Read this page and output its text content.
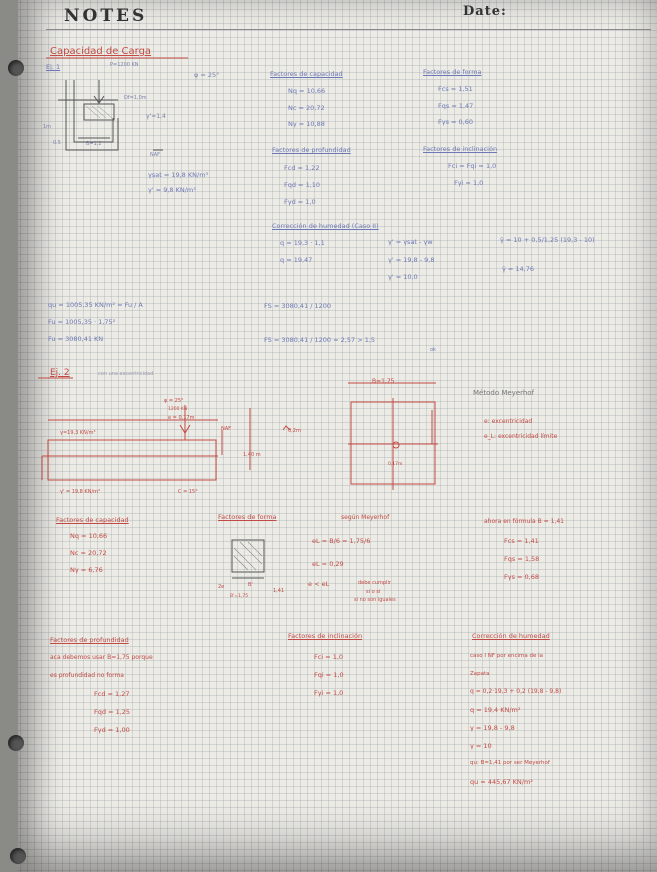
NOTES	Date:
Capacidad de Carga
Ej. 1	P=1200 KN
Df=1,0m
γ'=1,4
1m
0.5	B=1,2
NAF
γsat = 19,8 KN/m³
γ' = 9,8 KN/m³
φ = 25°	Factores de capacidad
Nq = 10,66
Nc = 20,72
Nγ = 10,88
Factores de forma
Fcs = 1,51
Fqs = 1,47
Fγs = 0,60
Factores de profundidad
Fcd = 1,22
Fqd = 1,10
Fγd = 1,0
Factores de inclinación
Fci = Fqi = 1,0
Fγi = 1,0
Corrección de humedad (Caso II)
q = 19,3 · 1,1
q = 19,47
γ' = γsat - γw
γ' = 19,8 - 9,8
γ' = 10,0
γ̄ = 10 + 0,5/1,25 (19,3 - 10)
γ̄ = 14,76
qu = 1005,35 KN/m² = Fu / A
Fu = 1005,35 · 1,75²
Fu = 3080,41 KN
FS = 3080,41 / 1200
FS = 3080,41 / 1200 = 2,57 > 1,5
ok
Ej. 2	con una excentricidad
B=1,75
Método Meyerhof
e: excentricidad
e_L: excentricidad límite
φ = 25°
1200 KN
e = 0,17m
γ=19,3 KN/m³
NAF	0,2m
1,40 m
γ' = 19,8 KN/m³	C = 15°
0,17m
Factores de capacidad
Nq = 10,66
Nc = 20,72
Nγ = 6,76
Factores de forma	según Meyerhof
eL = B/6 = 1,75/6
eL = 0,29
e < eL	debe cumplir
si o si
si no son iguales
2e	B'
1,41
B'=1,75
ahora en fórmula B = 1,41
Fcs = 1,41
Fqs = 1,58
Fγs = 0,68
Factores de profundidad
aca debemos usar B=1,75 porque
es profundidad no forma
Fcd = 1,27
Fqd = 1,25
Fγd = 1,00
Factores de inclinación
Fci = 1,0
Fqi = 1,0
Fγi = 1,0
Corrección de humedad
caso I NF por encima de la
Zapata
q = 0,2·19,3 + 0,2 (19,8 - 9,8)
q = 19,4 KN/m²
γ = 19,8 - 9,8
γ = 10
qu: B=1,41 por ser Meyerhof
qu = 445,67 KN/m²
